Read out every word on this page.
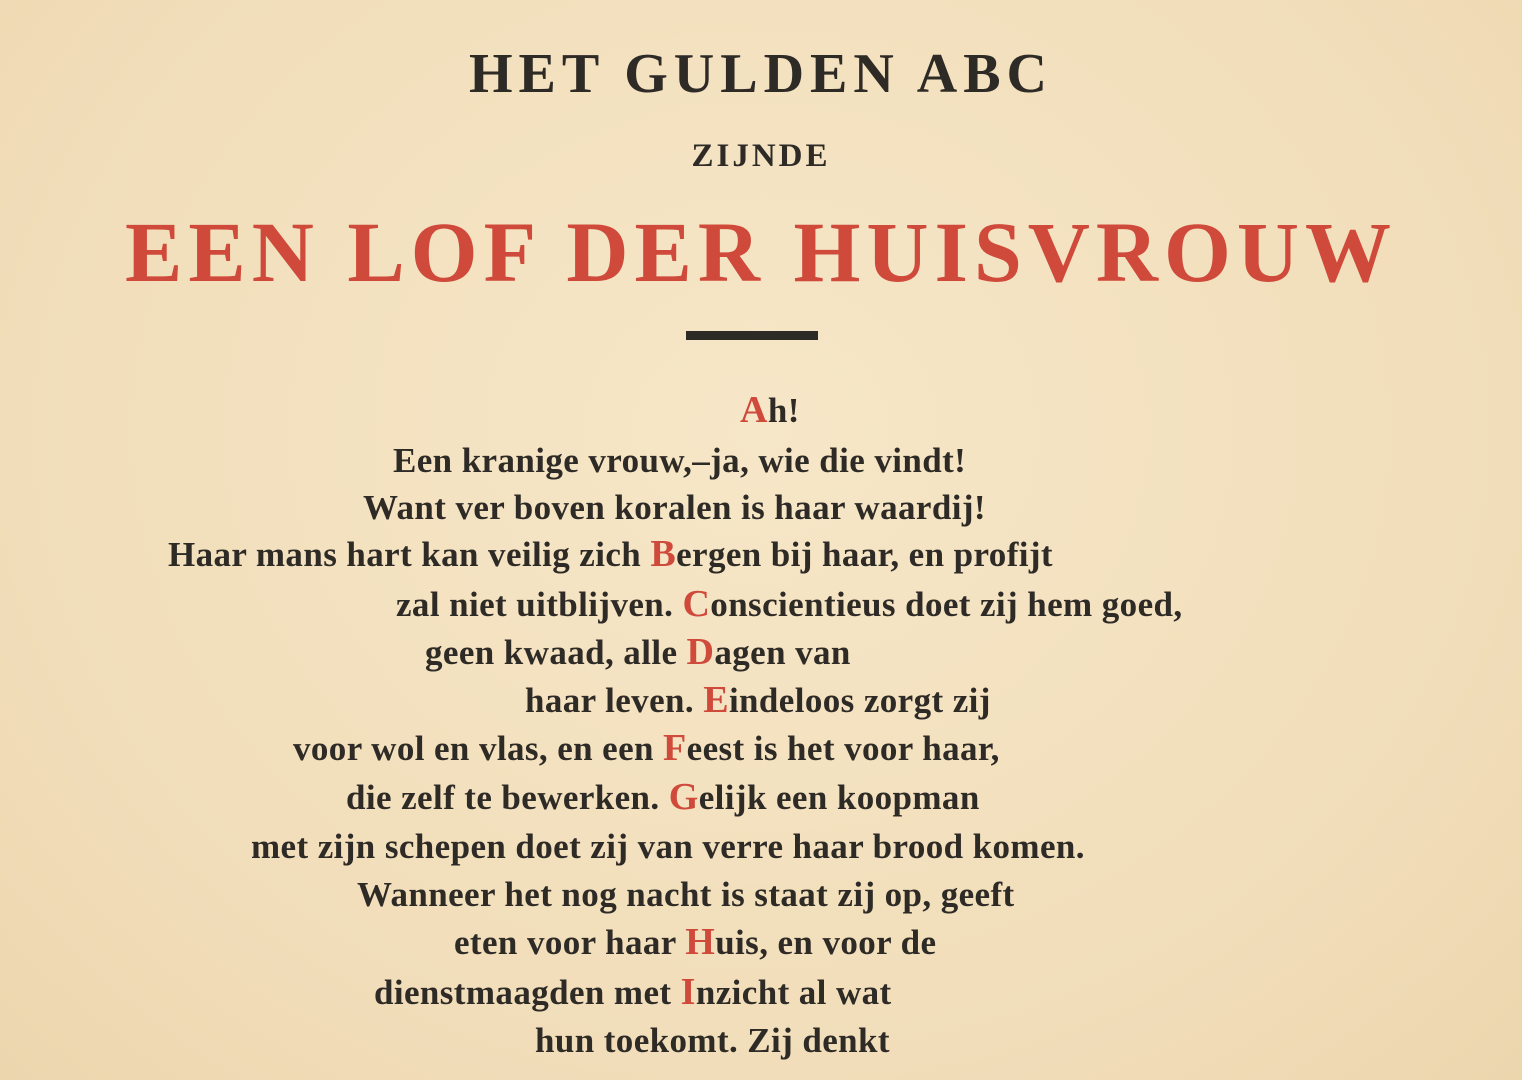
HET GULDEN ABC
ZIJNDE
EEN LOF DER HUISVROUW
Ah!
Een kranige vrouw,–ja, wie die vindt!
Want ver boven koralen is haar waardij!
Haar mans hart kan veilig zich Bergen bij haar, en profijt
zal niet uitblijven. Conscientieus doet zij hem goed,
geen kwaad, alle Dagen van
haar leven. Eindeloos zorgt zij
voor wol en vlas, en een Feest is het voor haar,
die zelf te bewerken. Gelijk een koopman
met zijn schepen doet zij van verre haar brood komen.
Wanneer het nog nacht is staat zij op, geeft
eten voor haar Huis, en voor de
dienstmaagden met Inzicht al wat
hun toekomt. Zij denkt
